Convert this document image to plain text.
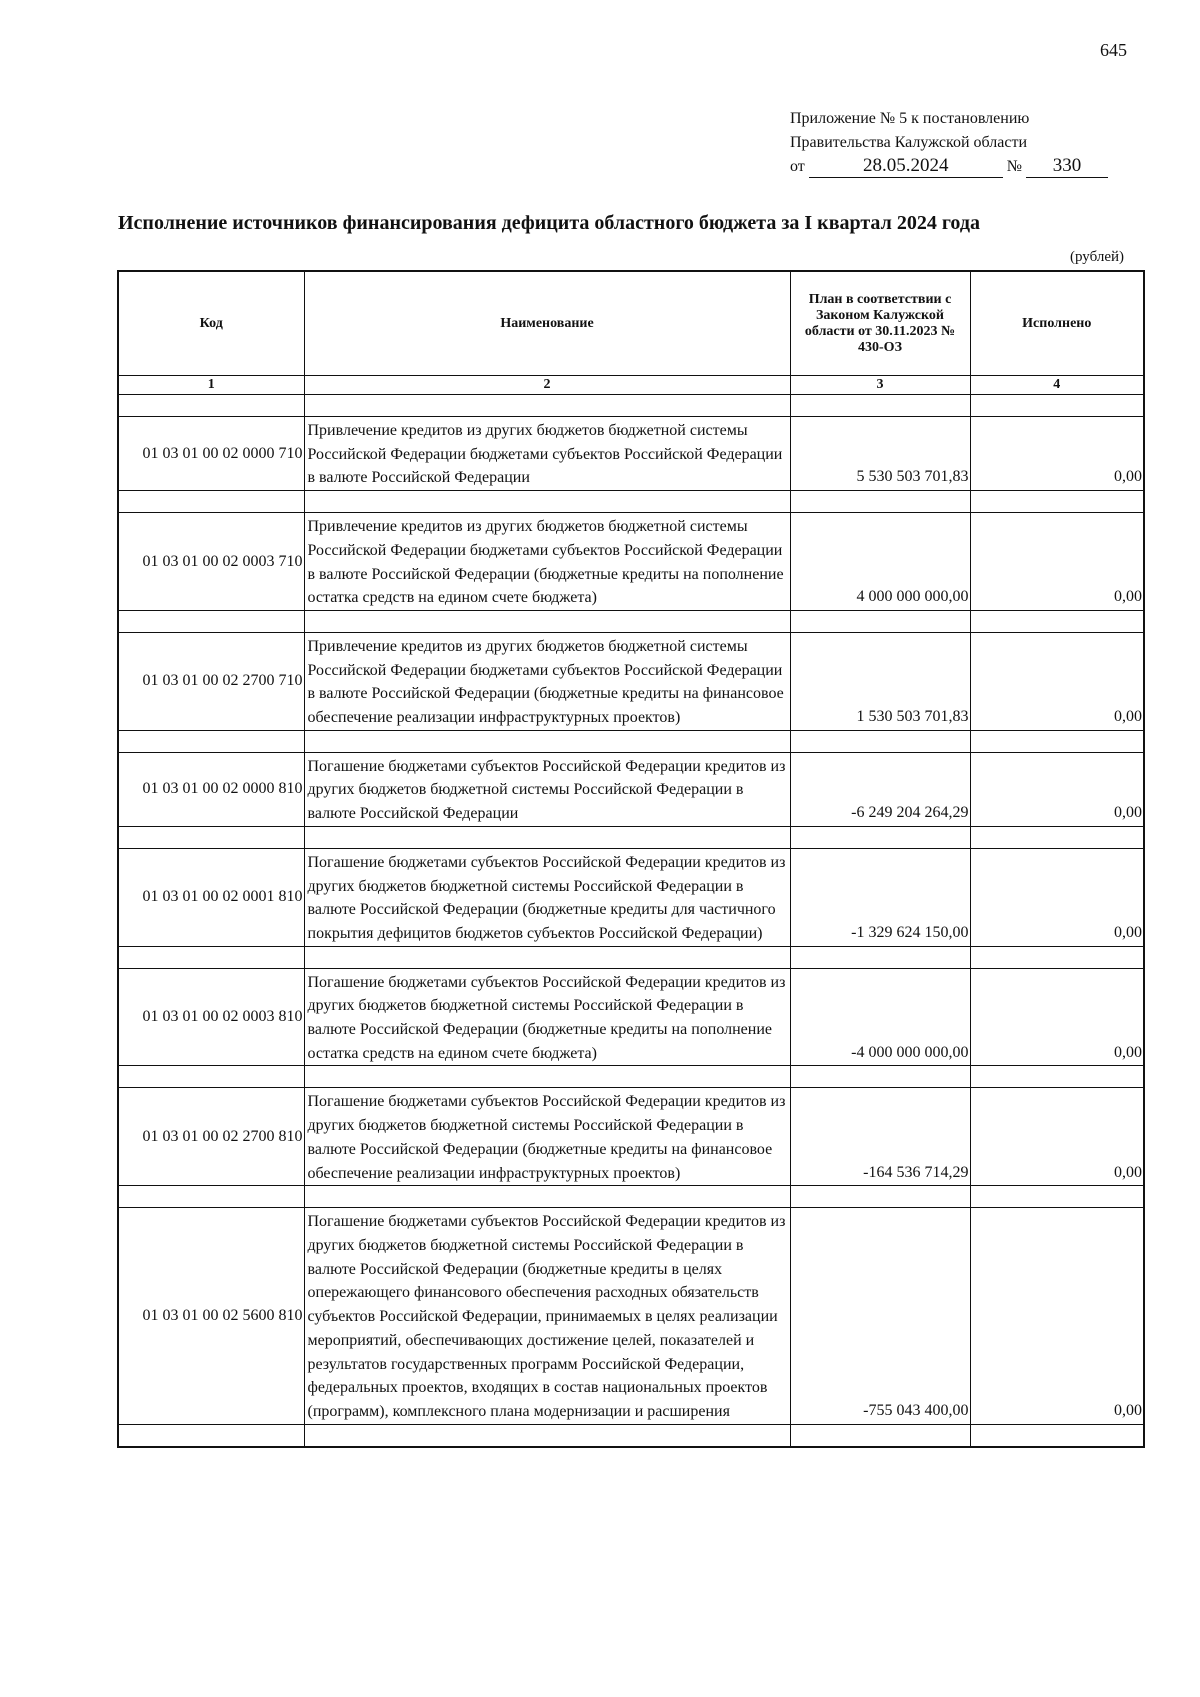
645
Приложение № 5 к постановлению
Правительства Калужской области
от	28.05.2024	№ 330
Исполнение источников финансирования дефицита областного бюджета за I квартал 2024 года
(рублей)
Код	Наименование	План в соответствии с Законом Калужской области от 30.11.2023 № 430-ОЗ	Исполнено
1	2	3	4

01 03 01 00 02 0000 710	Привлечение кредитов из других бюджетов бюджетной системы Российской Федерации бюджетами субъектов Российской Федерации в валюте Российской Федерации	5 530 503 701,83	0,00

01 03 01 00 02 0003 710	Привлечение кредитов из других бюджетов бюджетной системы Российской Федерации бюджетами субъектов Российской Федерации в валюте Российской Федерации (бюджетные кредиты на пополнение остатка средств на едином счете бюджета)	4 000 000 000,00	0,00

01 03 01 00 02 2700 710	Привлечение кредитов из других бюджетов бюджетной системы Российской Федерации бюджетами субъектов Российской Федерации в валюте Российской Федерации (бюджетные кредиты на финансовое обеспечение реализации инфраструктурных проектов)	1 530 503 701,83	0,00

01 03 01 00 02 0000 810	Погашение бюджетами субъектов Российской Федерации кредитов из других бюджетов бюджетной системы Российской Федерации в валюте Российской Федерации	-6 249 204 264,29	0,00

01 03 01 00 02 0001 810	Погашение бюджетами субъектов Российской Федерации кредитов из других бюджетов бюджетной системы Российской Федерации в валюте Российской Федерации (бюджетные кредиты для частичного покрытия дефицитов бюджетов субъектов Российской Федерации)	-1 329 624 150,00	0,00

01 03 01 00 02 0003 810	Погашение бюджетами субъектов Российской Федерации кредитов из других бюджетов бюджетной системы Российской Федерации в валюте Российской Федерации (бюджетные кредиты на пополнение остатка средств на едином счете бюджета)	-4 000 000 000,00	0,00

01 03 01 00 02 2700 810	Погашение бюджетами субъектов Российской Федерации кредитов из других бюджетов бюджетной системы Российской Федерации в валюте Российской Федерации (бюджетные кредиты на финансовое обеспечение реализации инфраструктурных проектов)	-164 536 714,29	0,00

01 03 01 00 02 5600 810	Погашение бюджетами субъектов Российской Федерации кредитов из других бюджетов бюджетной системы Российской Федерации в валюте Российской Федерации (бюджетные кредиты в целях опережающего финансового обеспечения расходных обязательств субъектов Российской Федерации, принимаемых в целях реализации мероприятий, обеспечивающих достижение целей, показателей и результатов государственных программ Российской Федерации, федеральных проектов, входящих в состав национальных проектов (программ), комплексного плана модернизации и расширения	-755 043 400,00	0,00
